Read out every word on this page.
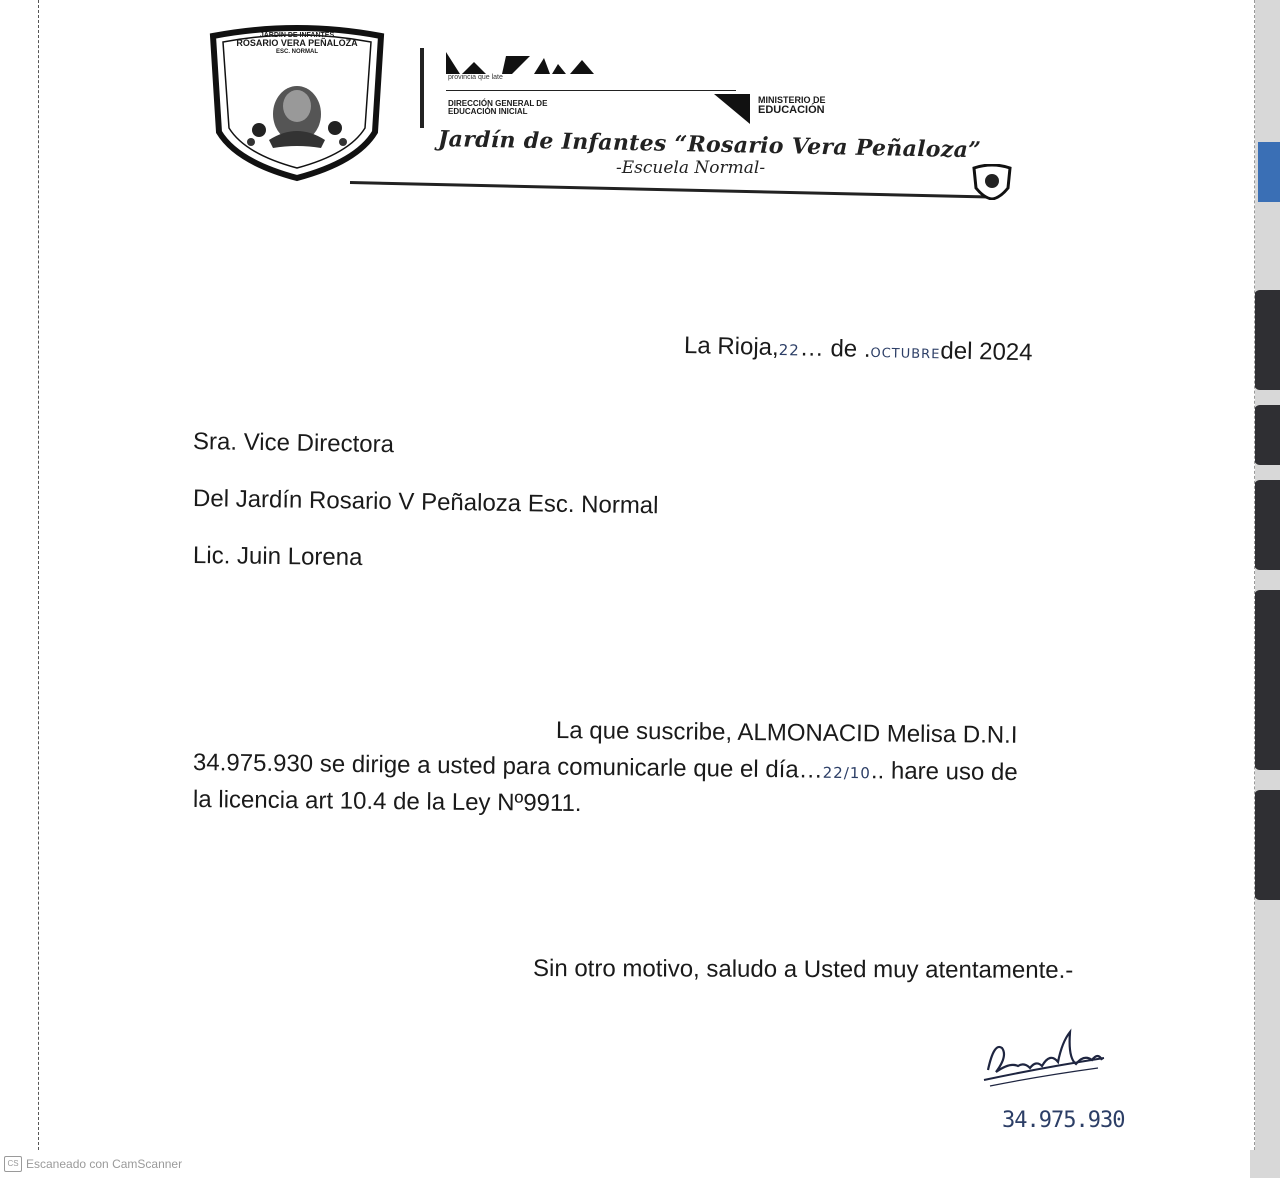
JARDÍN DE INFANTES
ROSARIO VERA PEÑALOZA
ESC. NORMAL
provincia que late
DIRECCIÓN GENERAL DE EDUCACIÓN INICIAL
MINISTERIO DE
EDUCACIÓN
Jardín de Infantes “Rosario Vera Peñaloza”
-Escuela Normal-
La Rioja,22… de .OCTUBREdel 2024
Sra. Vice Directora
Del Jardín Rosario V Peñaloza Esc. Normal
Lic. Juin Lorena
La que suscribe, ALMONACID Melisa D.N.I
34.975.930 se dirige a usted para comunicarle que el día…22/10.. hare uso de
la licencia art 10.4 de la Ley Nº9911.
Sin otro motivo, saludo a Usted muy atentamente.-
34.975.930
CS Escaneado con CamScanner
